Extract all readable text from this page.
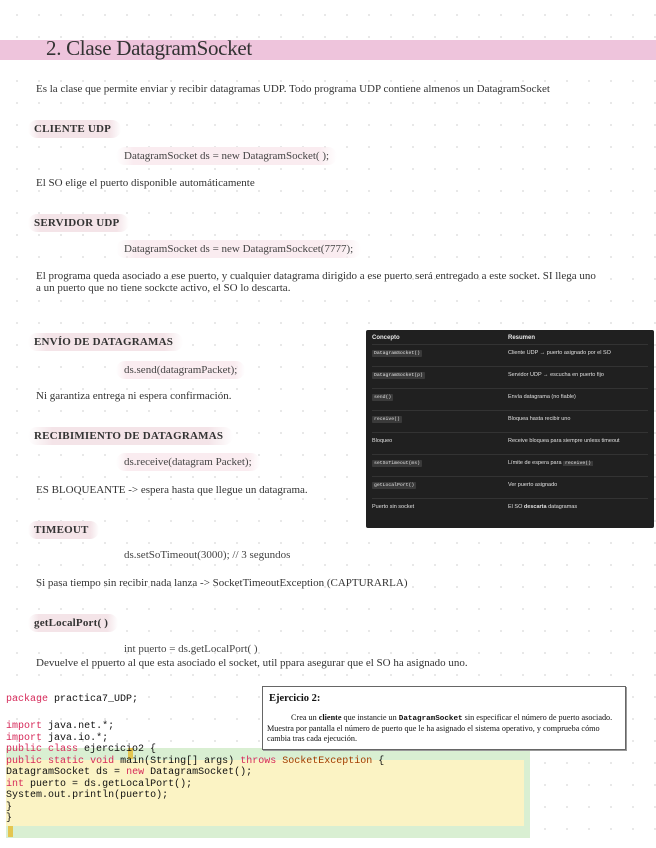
2. Clase DatagramSocket
Es la clase que permite enviar y recibir datagramas UDP. Todo programa UDP contiene almenos un DatagramSocket
CLIENTE UDP
DatagramSocket ds = new DatagramSocket( );
El SO elige el puerto disponible automáticamente
SERVIDOR UDP
DatagramSocket ds = new DatagramSockcet(7777);
El programa queda asociado a ese puerto, y cualquier datagrama dirigido a ese puerto será entregado a este socket. SI llega uno a un puerto que no tiene sockcte activo, el SO lo descarta.
ENVÍO DE DATAGRAMAS
ds.send(datagramPacket);
Ni garantiza entrega ni espera confirmación.
RECIBIMIENTO DE DATAGRAMAS
ds.receive(datagram Packet);
ES BLOQUEANTE -> espera hasta que llegue un datagrama.
TIMEOUT
ds.setSoTimeout(3000); // 3 segundos
Si pasa tiempo sin recibir nada lanza -> SocketTimeoutException (CAPTURARLA)
getLocalPort( )
int puerto = ds.getLocalPort( )
Devuelve el ppuerto al que esta asociado el socket, util ppara asegurar que el SO ha asignado uno.
Concepto	Resumen
DatagramSocket()	Cliente UDP → puerto asignado por el SO
DatagramSocket(p)	Servidor UDP → escucha en puerto fijo
send()	Envía datagrama (no fiable)
receive()	Bloquea hasta recibir uno
Bloqueo	Receive bloquea para siempre unless timeout
setSoTimeout(ms)	Límite de espera para receive()
getLocalPort()	Ver puerto asignado
Puerto sin socket	El SO descarta datagramas
package practica7_UDP;
import java.net.*;
import java.io.*;
public class ejercicio2 {
public static void main(String[] args) throws SocketException {
DatagramSocket ds = new DatagramSocket();
int puerto = ds.getLocalPort();
System.out.println(puerto);
}
}
Ejercicio 2:
Crea un cliente que instancie un DatagramSocket sin especificar el número de puerto asociado. Muestra por pantalla el número de puerto que le ha asignado el sistema operativo, y comprueba cómo cambia tras cada ejecución.
